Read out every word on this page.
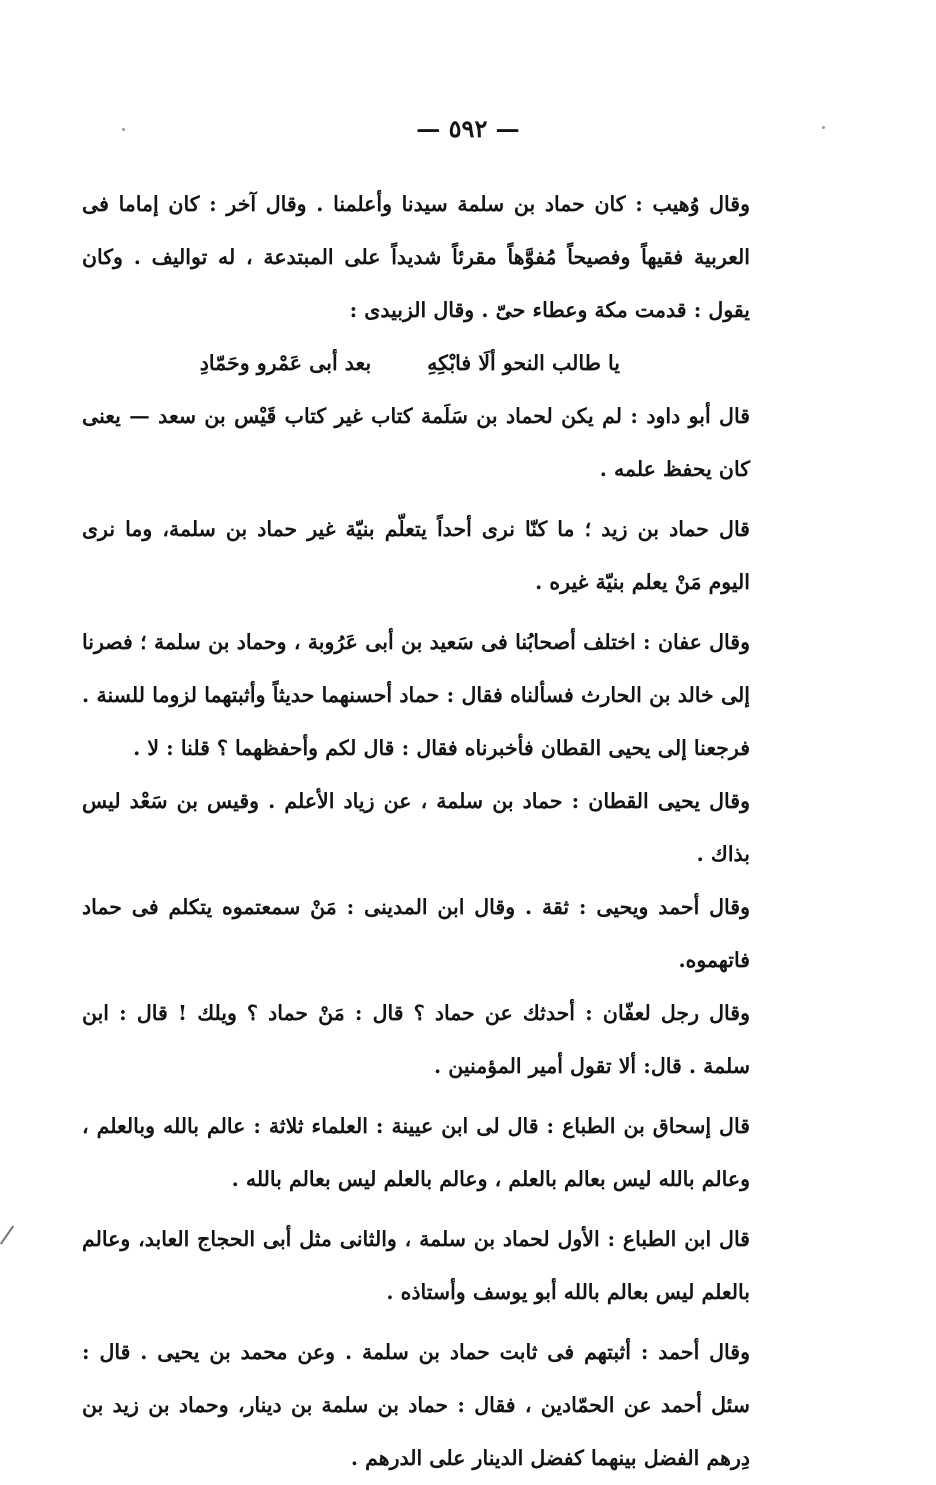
— ٥٩٢ —

وقال وُهيب : كان حماد بن سلمة سيدنا وأعلمنا . وقال آخر : كان إماما فى العربية فقيهاً وفصيحاً مُفوَّهاً مقرئاً شديداً على المبتدعة ، له تواليف . وكان يقول : قدمت مكة وعطاء حىّ . وقال الزبيدى :

يا طالب النحو ألَا فابْكِهِ
بعد أبى عَمْرو وحَمّادِ

قال أبو داود : لم يكن لحماد بن سَلَمة كتاب غير كتاب قَيْس بن سعد — يعنى كان يحفظ علمه .

قال حماد بن زيد ؛ ما كنّا نرى أحداً يتعلّم بنيّة غير حماد بن سلمة، وما نرى اليوم مَنْ يعلم بنيّة غيره .

وقال عفان : اختلف أصحابُنا فى سَعيد بن أبى عَرُوبة ، وحماد بن سلمة ؛ فصرنا إلى خالد بن الحارث فسألناه فقال : حماد أحسنهما حديثاً وأثبتهما لزوما للسنة . فرجعنا إلى يحيى القطان فأخبرناه فقال : قال لكم وأحفظهما ؟ قلنا : لا .

وقال يحيى القطان : حماد بن سلمة ، عن زياد الأعلم . وقيس بن سَعْد ليس بذاك .

وقال أحمد ويحيى : ثقة . وقال ابن المدينى : مَنْ سمعتموه يتكلم فى حماد فاتهموه.

وقال رجل لعفّان : أحدثك عن حماد ؟ قال : مَنْ حماد ؟ ويلك ! قال : ابن سلمة . قال: ألا تقول أمير المؤمنين .

قال إسحاق بن الطباع : قال لى ابن عيينة : العلماء ثلاثة : عالم بالله وبالعلم ، وعالم بالله ليس بعالم بالعلم ، وعالم بالعلم ليس بعالم بالله .

قال ابن الطباع : الأول لحماد بن سلمة ، والثانى مثل أبى الحجاج العابد، وعالم بالعلم ليس بعالم بالله أبو يوسف وأستاذه .

وقال أحمد : أثبتهم فى ثابت حماد بن سلمة . وعن محمد بن يحيى . قال : سئل أحمد عن الحمّادين ، فقال : حماد بن سلمة بن دينار، وحماد بن زيد بن دِرهم الفضل بينهما كفضل الدينار على الدرهم .
